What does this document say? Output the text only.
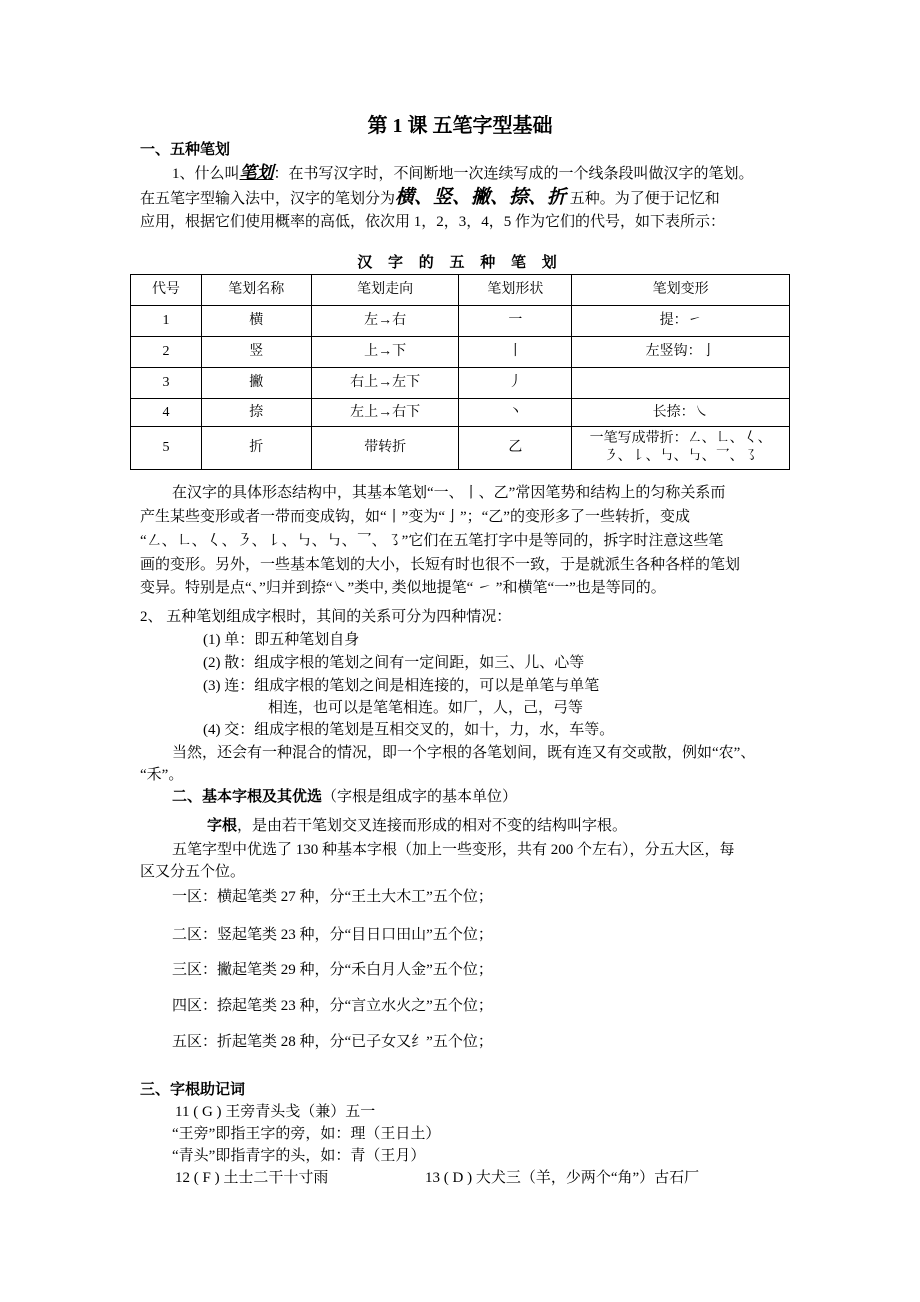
第 1 课 五笔字型基础
一、五种笔划
1、什么叫笔划：在书写汉字时，不间断地一次连续写成的一个线条段叫做汉字的笔划。
在五笔字型输入法中，汉字的笔划分为横、竖、撇、捺、折 五种。为了便于记忆和
应用，根据它们使用概率的高低，依次用 1，2，3，4，5 作为它们的代号，如下表所示：
汉 字 的 五 种 笔 划
代号	笔划名称	笔划走向	笔划形状	笔划变形
1	横	左→右	一	提：㇀
2	竖	上→下	丨	左竖钩：亅
3	撇	右上→左下	丿	
4	捺	左上→右下	丶	长捺：㇏
5	折	带转折	乙	一笔写成带折：㇜、㇗、𡿨、
㇋、㇙、㇉、㇉、乛、㇌
在汉字的具体形态结构中，其基本笔划“一、丨、乙”常因笔势和结构上的匀称关系而
产生某些变形或者一带而变成钩，如“丨”变为“亅”；“乙”的变形多了一些转折，变成
“㇜、㇗、𡿨、㇋、㇙、㇉、㇉、乛、㇌”它们在五笔打字中是等同的，拆字时注意这些笔
画的变形。另外，一些基本笔划的大小，长短有时也很不一致，于是就派生各种各样的笔划
变异。特别是点“、”归并到捺“㇏”类中, 类似地提笔“ ㇀ ”和横笔“一”也是等同的。
2、 五种笔划组成字根时，其间的关系可分为四种情况：
(1) 单：即五种笔划自身
(2) 散：组成字根的笔划之间有一定间距，如三、儿、心等
(3) 连：组成字根的笔划之间是相连接的，可以是单笔与单笔
相连，也可以是笔笔相连。如厂，人，己，弓等
(4) 交：组成字根的笔划是互相交叉的，如十，力，水，车等。
当然，还会有一种混合的情况，即一个字根的各笔划间，既有连又有交或散，例如“农”、
“禾”。
二、基本字根及其优选（字根是组成字的基本单位）
字根，是由若干笔划交叉连接而形成的相对不变的结构叫字根。
五笔字型中优选了 130 种基本字根（加上一些变形，共有 200 个左右），分五大区，每
区又分五个位。
一区：横起笔类 27 种，分“王土大木工”五个位；
二区：竖起笔类 23 种，分“目日口田山”五个位；
三区：撇起笔类 29 种，分“禾白月人金”五个位；
四区：捺起笔类 23 种，分“言立水火之”五个位；
五区：折起笔类 28 种，分“已子女又纟”五个位；
三、字根助记词
11 ( G ) 王旁青头戋（兼）五一
“王旁”即指王字的旁，如：理（王日土）
“青头”即指青字的头，如：青（王月）
12 ( F ) 土士二干十寸雨	13 ( D ) 大犬三（羊，少两个“角”）古石厂
